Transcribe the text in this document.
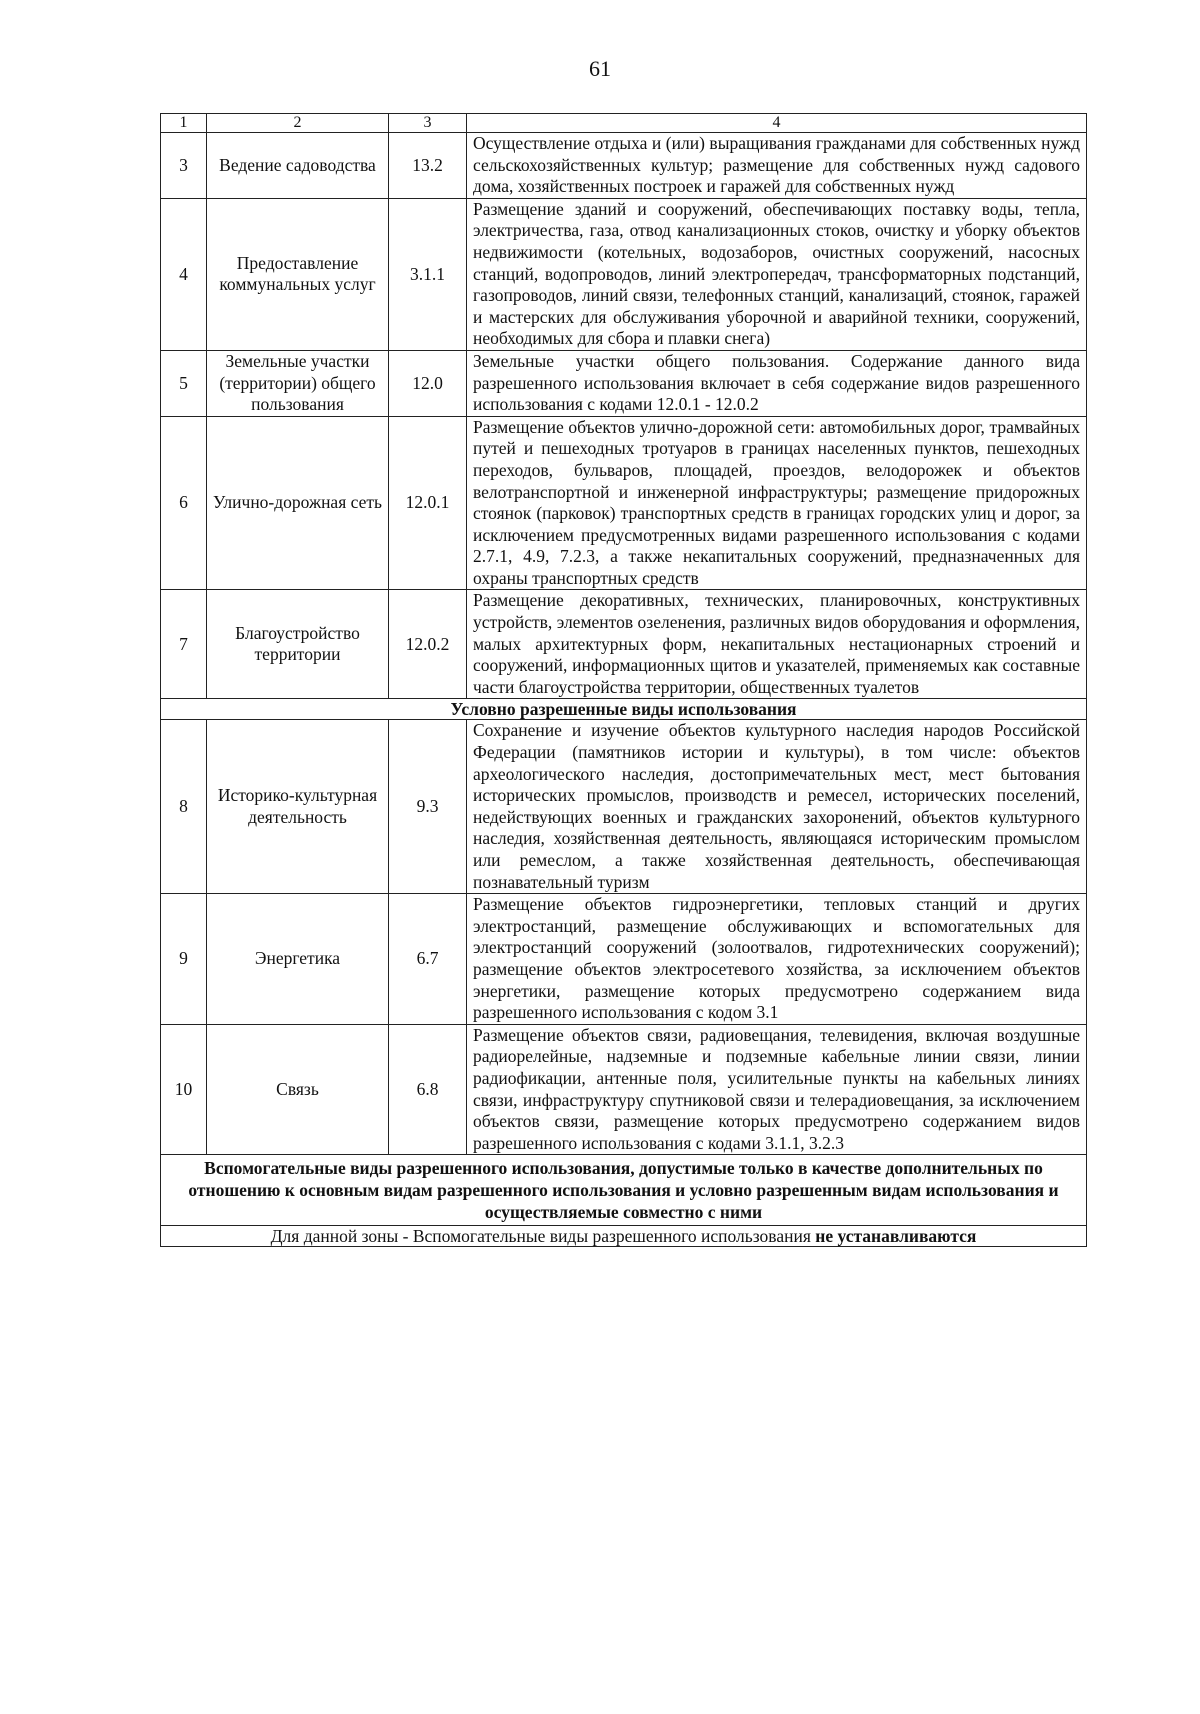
61
1	2	3	4
3	Ведение садоводства	13.2	Осуществление отдыха и (или) выращивания гражданами для собственных нужд сельскохозяйственных культур; размещение для собственных нужд садового дома, хозяйственных построек и гаражей для собственных нужд
4	Предоставление коммунальных услуг	3.1.1	Размещение зданий и сооружений, обеспечивающих поставку воды, тепла, электричества, газа, отвод канализационных стоков, очистку и уборку объектов недвижимости (котельных, водозаборов, очистных сооружений, насосных станций, водопроводов, линий электропередач, трансформаторных подстанций, газопроводов, линий связи, телефонных станций, канализаций, стоянок, гаражей и мастерских для обслуживания уборочной и аварийной техники, сооружений, необходимых для сбора и плавки снега)
5	Земельные участки (территории) общего пользования	12.0	Земельные участки общего пользования. Содержание данного вида разрешенного использования включает в себя содержание видов разрешенного использования с кодами 12.0.1 - 12.0.2
6	Улично-дорожная сеть	12.0.1	Размещение объектов улично-дорожной сети: автомобильных дорог, трамвайных путей и пешеходных тротуаров в границах населенных пунктов, пешеходных переходов, бульваров, площадей, проездов, велодорожек и объектов велотранспортной и инженерной инфраструктуры; размещение придорожных стоянок (парковок) транспортных средств в границах городских улиц и дорог, за исключением предусмотренных видами разрешенного использования с кодами 2.7.1, 4.9, 7.2.3, а также некапитальных сооружений, предназначенных для охраны транспортных средств
7	Благоустройство территории	12.0.2	Размещение декоративных, технических, планировочных, конструктивных устройств, элементов озеленения, различных видов оборудования и оформления, малых архитектурных форм, некапитальных нестационарных строений и сооружений, информационных щитов и указателей, применяемых как составные части благоустройства территории, общественных туалетов
Условно разрешенные виды использования			
8	Историко-культурная деятельность	9.3	Сохранение и изучение объектов культурного наследия народов Российской Федерации (памятников истории и культуры), в том числе: объектов археологического наследия, достопримечательных мест, мест бытования исторических промыслов, производств и ремесел, исторических поселений, недействующих военных и гражданских захоронений, объектов культурного наследия, хозяйственная деятельность, являющаяся историческим промыслом или ремеслом, а также хозяйственная деятельность, обеспечивающая познавательный туризм
9	Энергетика	6.7	Размещение объектов гидроэнергетики, тепловых станций и других электростанций, размещение обслуживающих и вспомогательных для электростанций сооружений (золоотвалов, гидротехнических сооружений); размещение объектов электросетевого хозяйства, за исключением объектов энергетики, размещение которых предусмотрено содержанием вида разрешенного использования с кодом 3.1
10	Связь	6.8	Размещение объектов связи, радиовещания, телевидения, включая воздушные радиорелейные, надземные и подземные кабельные линии связи, линии радиофикации, антенные поля, усилительные пункты на кабельных линиях связи, инфраструктуру спутниковой связи и телерадиовещания, за исключением объектов связи, размещение которых предусмотрено содержанием видов разрешенного использования с кодами 3.1.1, 3.2.3
Вспомогательные виды разрешенного использования, допустимые только в качестве дополнительных по отношению к основным видам разрешенного использования и условно разрешенным видам использования и осуществляемые совместно с ними			
Для данной зоны - Вспомогательные виды разрешенного использования не устанавливаются			
